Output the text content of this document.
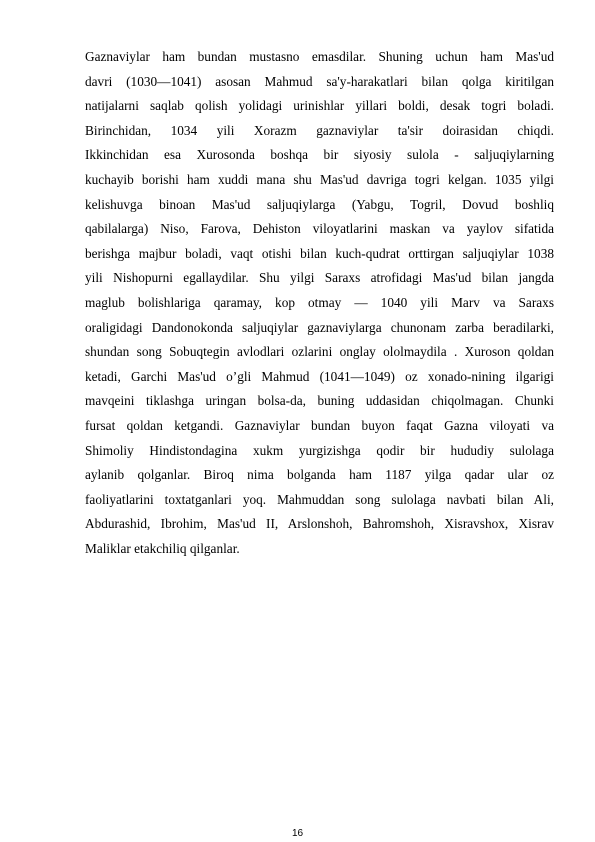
Gaznaviylar ham bundan mustasno emasdilar. Shuning uchun ham Mas'ud
davri (1030—1041) asosan Mahmud sa'y-harakatlari bilan qolga kiritilgan
natijalarni saqlab qolish yolidagi urinishlar yillari boldi, desak togri boladi.
Birinchidan, 1034 yili Xorazm gaznaviylar ta'sir doirasidan chiqdi.
Ikkinchidan esa Xurosonda boshqa bir siyosiy sulola - saljuqiylarning
kuchayib borishi ham xuddi mana shu Mas'ud davriga togri kelgan. 1035 yilgi
kelishuvga binoan Mas'ud saljuqiylarga (Yabgu, Togril, Dovud boshliq
qabilalarga) Niso, Farova, Dehiston viloyatlarini maskan va yaylov sifatida
berishga majbur boladi, vaqt otishi bilan kuch-qudrat orttirgan saljuqiylar 1038
yili Nishopurni egallaydilar. Shu yilgi Saraxs atrofidagi Mas'ud bilan jangda
maglub bolishlariga qaramay, kop otmay — 1040 yili Marv va Saraxs
oraligidagi Dandonokonda saljuqiylar gaznaviylarga chunonam zarba beradilarki,
shundan song Sobuqtegin avlodlari ozlarini onglay ololmaydila . Xuroson qoldan
ketadi, Garchi Mas'ud o’gli Mahmud (1041—1049) oz xonado-nining ilgarigi
mavqeini tiklashga uringan bolsa-da, buning uddasidan chiqolmagan. Chunki
fursat qoldan ketgandi. Gaznaviylar bundan buyon faqat Gazna viloyati va
Shimoliy Hindistondagina xukm yurgizishga qodir bir hududiy sulolaga
aylanib qolganlar. Biroq nima bolganda ham 1187 yilga qadar ular oz
faoliyatlarini toxtatganlari yoq. Mahmuddan song sulolaga navbati bilan Ali,
Abdurashid, Ibrohim, Mas'ud II, Arslonshoh, Bahromshoh, Xisravshox, Xisrav
Maliklar etakchiliq qilganlar.
16
